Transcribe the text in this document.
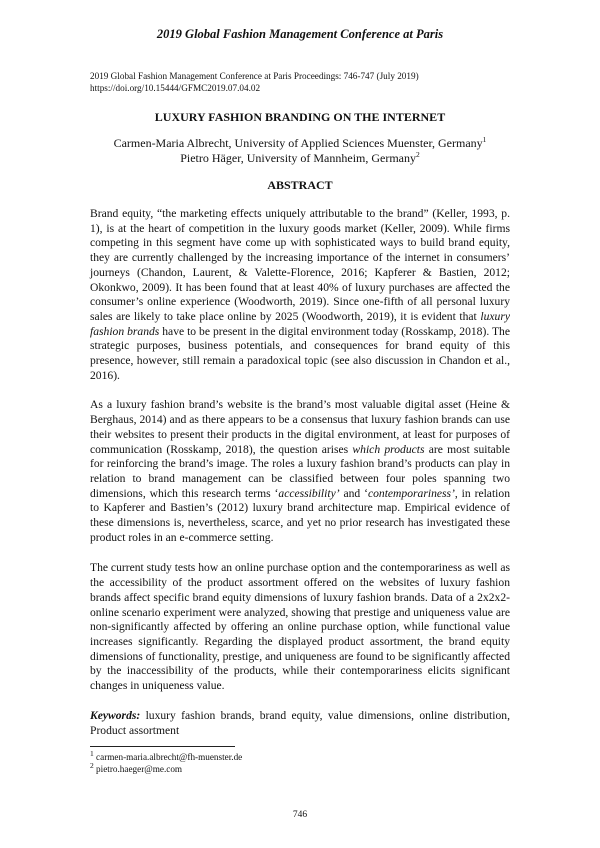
2019 Global Fashion Management Conference at Paris
2019 Global Fashion Management Conference at Paris Proceedings: 746-747 (July 2019)
https://doi.org/10.15444/GFMC2019.07.04.02
LUXURY FASHION BRANDING ON THE INTERNET
Carmen-Maria Albrecht, University of Applied Sciences Muenster, Germany$^1$
Pietro Häger, University of Mannheim, Germany$^2$
ABSTRACT

Brand equity, “the marketing effects uniquely attributable to the brand” (Keller, 1993, p. 1), is at the heart of competition in the luxury goods market (Keller, 2009). While firms competing in this segment have come up with sophisticated ways to build brand equity, they are currently challenged by the increasing importance of the internet in consumers’ journeys (Chandon, Laurent, & Valette-Florence, 2016; Kapferer & Bastien, 2012; Okonkwo, 2009). It has been found that at least 40% of luxury purchases are affected the consumer’s online experience (Woodworth, 2019). Since one-fifth of all personal luxury sales are likely to take place online by 2025 (Woodworth, 2019), it is evident that luxury fashion brands have to be present in the digital environment today (Rosskamp, 2018). The strategic purposes, business potentials, and consequences for brand equity of this presence, however, still remain a paradoxical topic (see also discussion in Chandon et al., 2016).

As a luxury fashion brand’s website is the brand’s most valuable digital asset (Heine & Berghaus, 2014) and as there appears to be a consensus that luxury fashion brands can use their websites to present their products in the digital environment, at least for purposes of communication (Rosskamp, 2018), the question arises which products are most suitable for reinforcing the brand’s image. The roles a luxury fashion brand’s products can play in relation to brand management can be classified between four poles spanning two dimensions, which this research terms ‘accessibility’ and ‘contemporariness’, in relation to Kapferer and Bastien’s (2012) luxury brand architecture map. Empirical evidence of these dimensions is, nevertheless, scarce, and yet no prior research has investigated these product roles in an e-commerce setting.

The current study tests how an online purchase option and the contemporariness as well as the accessibility of the product assortment offered on the websites of luxury fashion brands affect specific brand equity dimensions of luxury fashion brands. Data of a 2x2x2-online scenario experiment were analyzed, showing that prestige and uniqueness value are non-significantly affected by offering an online purchase option, while functional value increases significantly. Regarding the displayed product assortment, the brand equity dimensions of functionality, prestige, and uniqueness are found to be significantly affected by the inaccessibility of the products, while their contemporariness elicits significant changes in uniqueness value.

Keywords: luxury fashion brands, brand equity, value dimensions, online distribution, Product assortment

$^1$ carmen-maria.albrecht@fh-muenster.de
$^2$ pietro.haeger@me.com
746
